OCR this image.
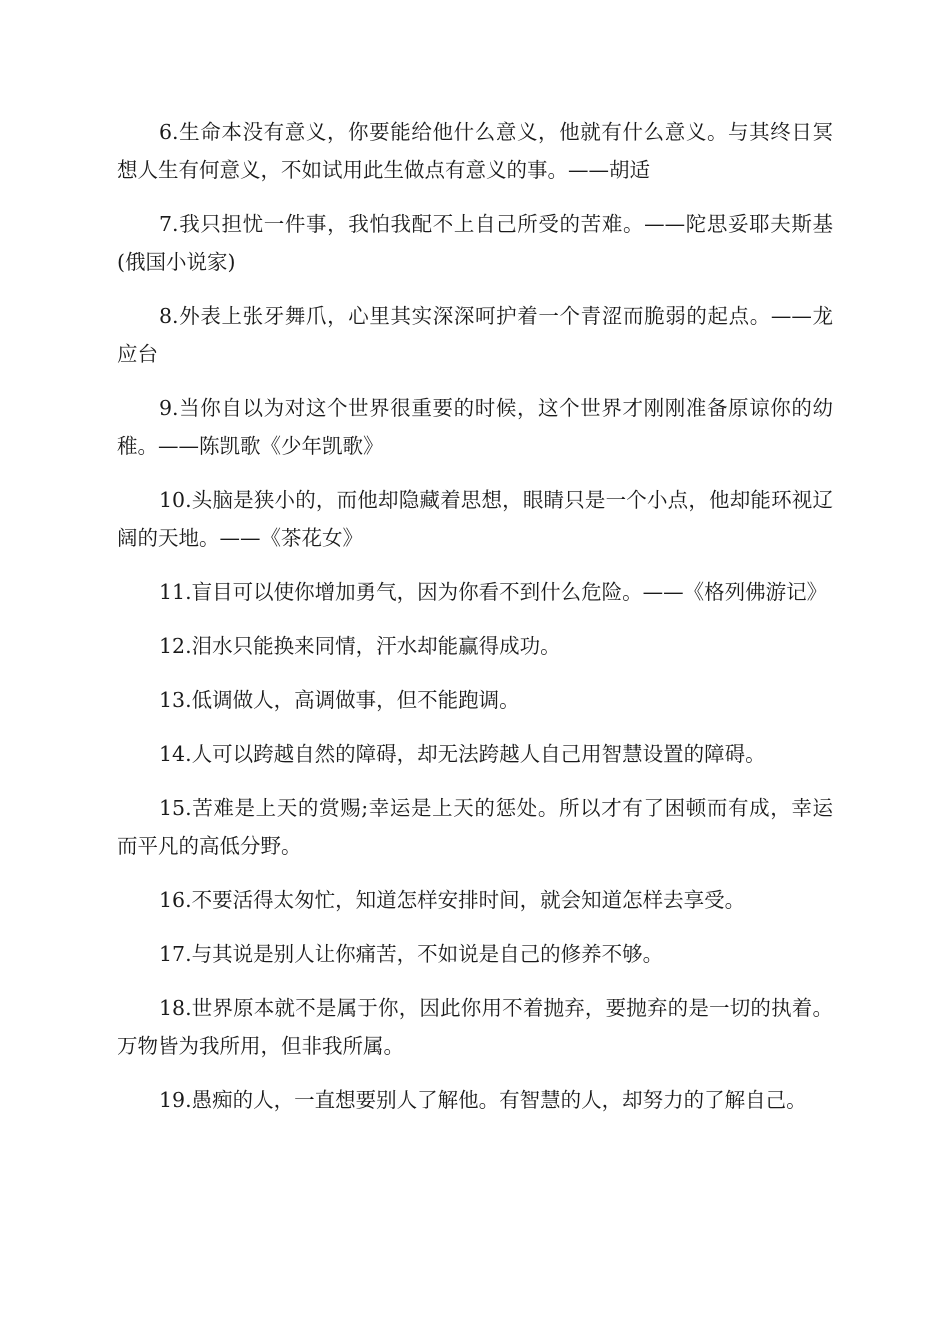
6.生命本没有意义，你要能给他什么意义，他就有什么意义。与其终日冥想人生有何意义，不如试用此生做点有意义的事。——胡适

7.我只担忧一件事，我怕我配不上自己所受的苦难。——陀思妥耶夫斯基(俄国小说家)

8.外表上张牙舞爪，心里其实深深呵护着一个青涩而脆弱的起点。——龙应台

9.当你自以为对这个世界很重要的时候，这个世界才刚刚准备原谅你的幼稚。——陈凯歌《少年凯歌》

10.头脑是狭小的，而他却隐藏着思想，眼睛只是一个小点，他却能环视辽阔的天地。——《茶花女》

11.盲目可以使你增加勇气，因为你看不到什么危险。——《格列佛游记》

12.泪水只能换来同情，汗水却能赢得成功。

13.低调做人，高调做事，但不能跑调。

14.人可以跨越自然的障碍，却无法跨越人自己用智慧设置的障碍。

15.苦难是上天的赏赐;幸运是上天的惩处。所以才有了困顿而有成，幸运而平凡的高低分野。

16.不要活得太匆忙，知道怎样安排时间，就会知道怎样去享受。

17.与其说是别人让你痛苦，不如说是自己的修养不够。

18.世界原本就不是属于你，因此你用不着抛弃，要抛弃的是一切的执着。万物皆为我所用，但非我所属。

19.愚痴的人，一直想要别人了解他。有智慧的人，却努力的了解自己。
